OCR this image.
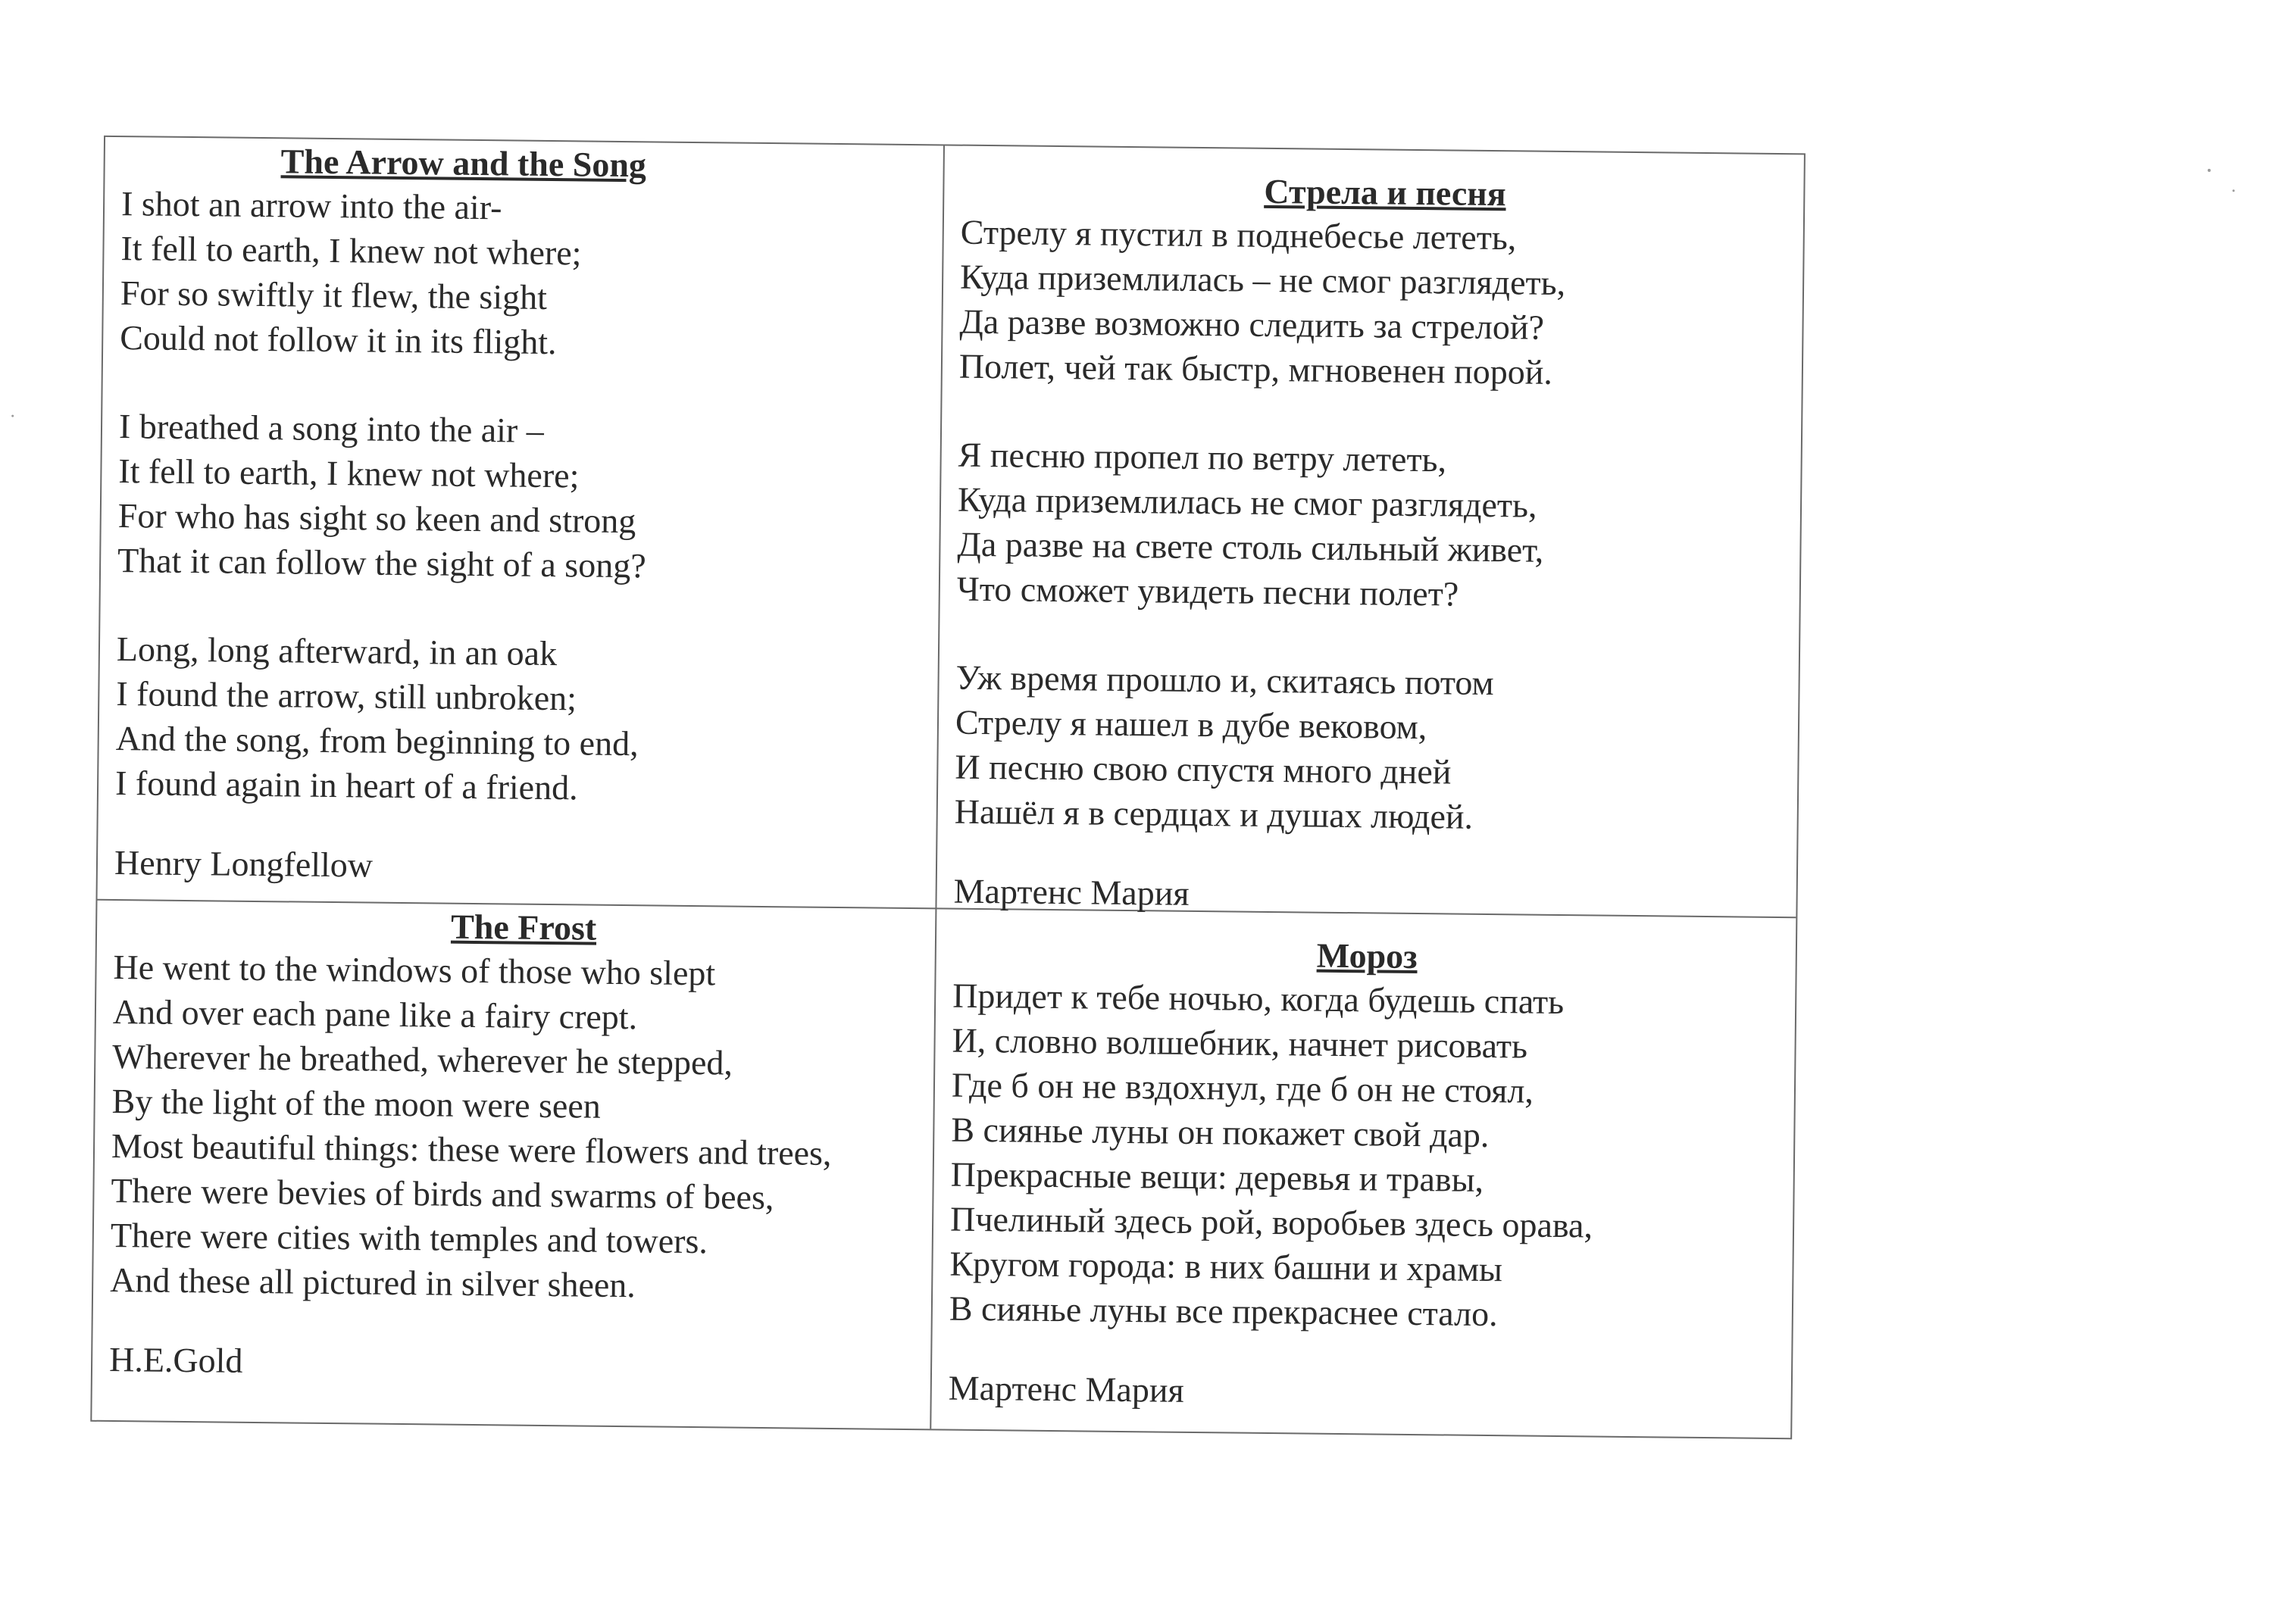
The Arrow and the Song
I shot an arrow into the air-
It fell to earth, I knew not where;
For so swiftly it flew, the sight
Could not follow it in its flight.
I breathed a song into the air –
It fell to earth, I knew not where;
For who has sight so keen and strong
That it can follow the sight of a song?
Long, long afterward, in an oak
I found the arrow, still unbroken;
And the song, from beginning to end,
I found again in heart of a friend.
Henry Longfellow
Стрела и песня
Стрелу я пустил в поднебесье лететь,
Куда приземлилась – не смог разглядеть,
Да разве возможно следить за стрелой?
Полет, чей так быстр, мгновенен порой.
Я песню пропел по ветру лететь,
Куда приземлилась не смог разглядеть,
Да разве на свете столь сильный живет,
Что сможет увидеть песни полет?
Уж время прошло и, скитаясь потом
Стрелу я нашел в дубе вековом,
И песню свою спустя много дней
Нашёл я в сердцах и душах людей.
Мартенс Мария
The Frost
He went to the windows of those who slept
And over each pane like a fairy crept.
Wherever he breathed, wherever he stepped,
By the light of the moon were seen
Most beautiful things: these were flowers and trees,
There were bevies of birds and swarms of bees,
There were cities with temples and towers.
And these all pictured in silver sheen.
H.E.Gold
Мороз
Придет к тебе ночью, когда будешь спать
И, словно волшебник, начнет рисовать
Где б он не вздохнул, где б он не стоял,
В сиянье луны он покажет свой дар.
Прекрасные вещи: деревья и травы,
Пчелиный здесь рой, воробьев здесь орава,
Кругом города: в них башни и храмы
В сиянье луны все прекраснее стало.
Мартенс Мария
